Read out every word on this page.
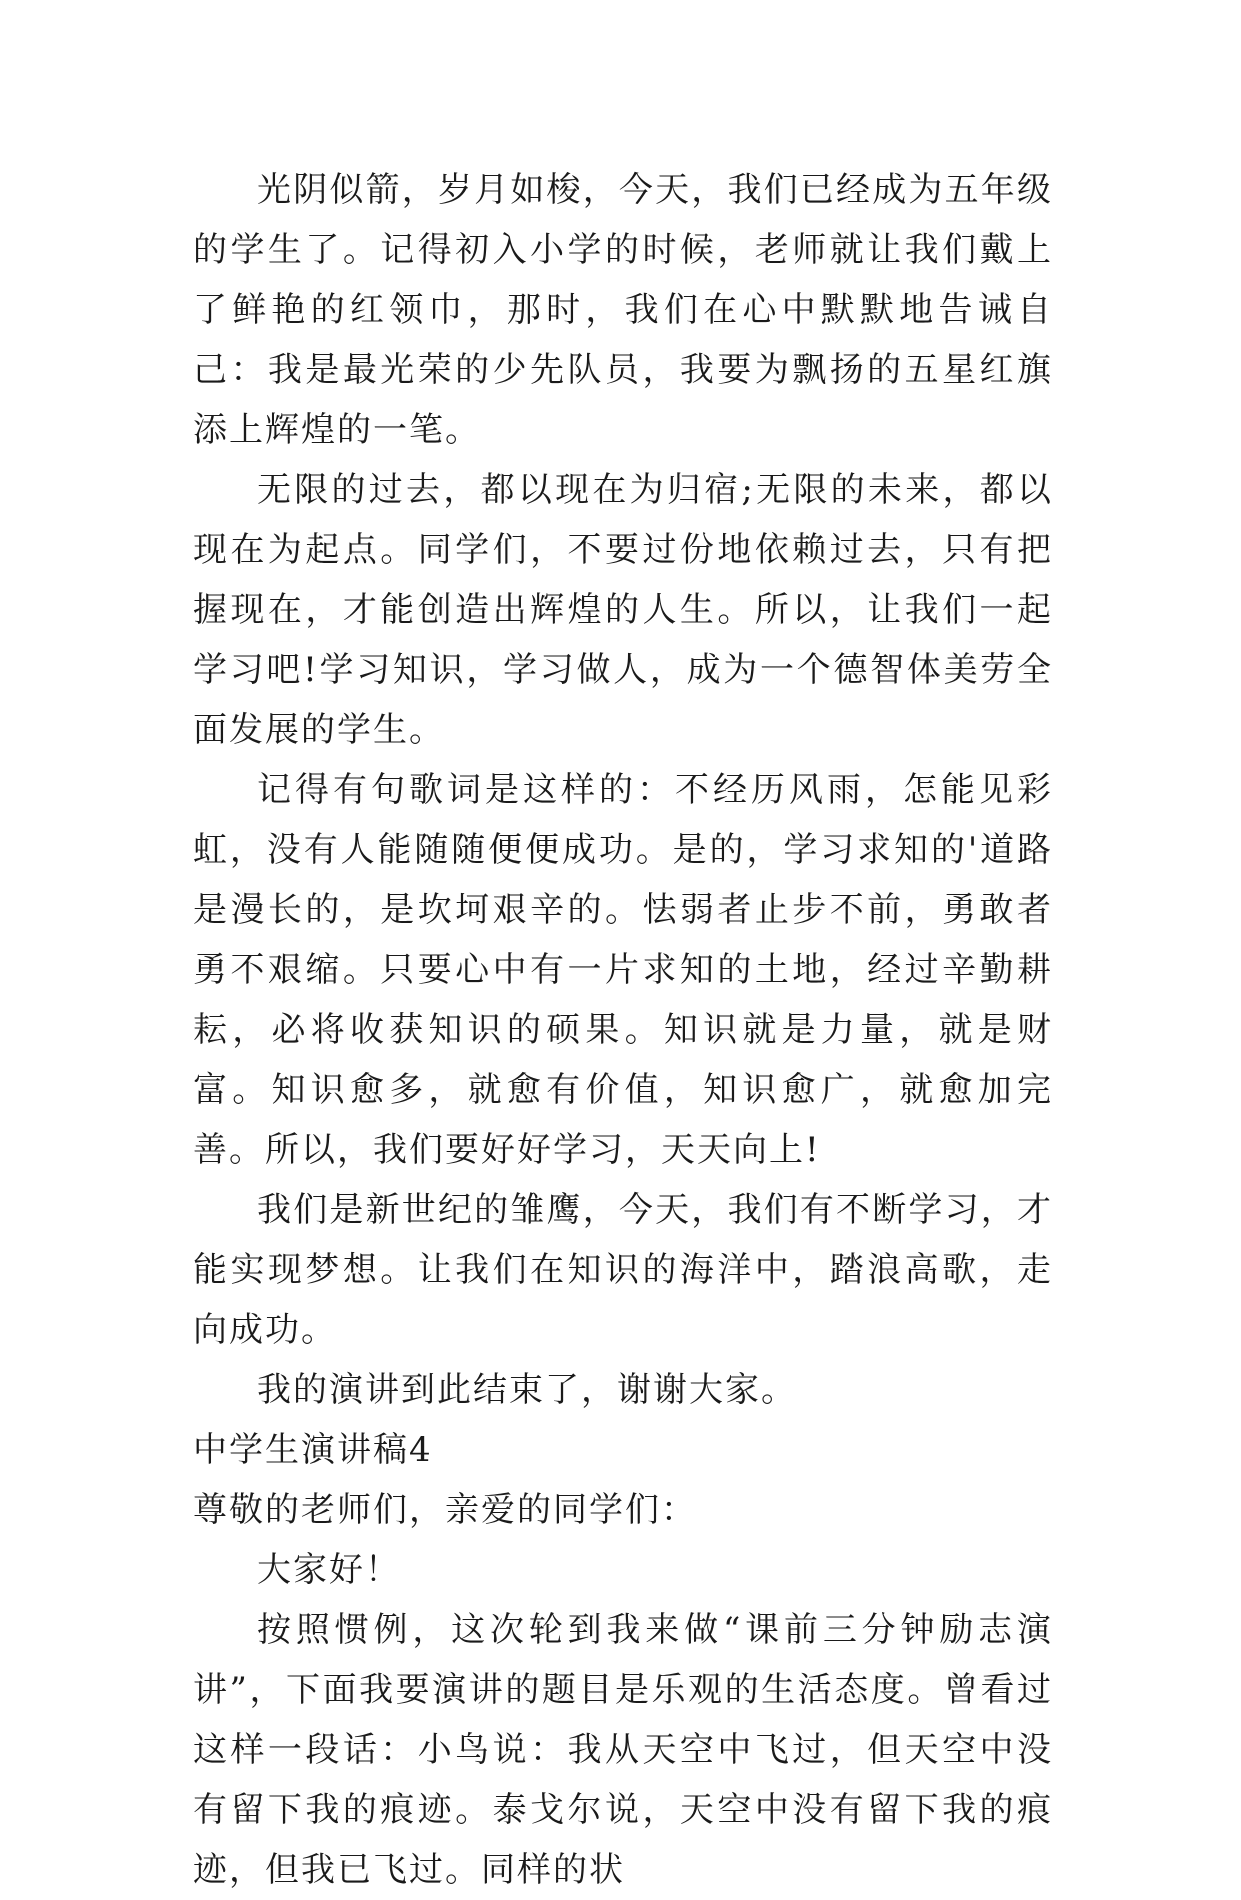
光阴似箭，岁月如梭，今天，我们已经成为五年级的学生了。记得初入小学的时候，老师就让我们戴上了鲜艳的红领巾，那时，我们在心中默默地告诫自己：我是最光荣的少先队员，我要为飘扬的五星红旗添上辉煌的一笔。

无限的过去，都以现在为归宿;无限的未来，都以现在为起点。同学们，不要过份地依赖过去，只有把握现在，才能创造出辉煌的人生。所以，让我们一起学习吧!学习知识，学习做人，成为一个德智体美劳全面发展的学生。

记得有句歌词是这样的：不经历风雨，怎能见彩虹，没有人能随随便便成功。是的，学习求知的'道路是漫长的，是坎坷艰辛的。怯弱者止步不前，勇敢者勇不艰缩。只要心中有一片求知的土地，经过辛勤耕耘，必将收获知识的硕果。知识就是力量，就是财富。知识愈多，就愈有价值，知识愈广，就愈加完善。所以，我们要好好学习，天天向上!

我们是新世纪的雏鹰，今天，我们有不断学习，才能实现梦想。让我们在知识的海洋中，踏浪高歌，走向成功。

我的演讲到此结束了，谢谢大家。

中学生演讲稿4

尊敬的老师们，亲爱的同学们：

大家好！

按照惯例，这次轮到我来做“课前三分钟励志演讲”，下面我要演讲的题目是乐观的生活态度。曾看过这样一段话：小鸟说：我从天空中飞过，但天空中没有留下我的痕迹。泰戈尔说，天空中没有留下我的痕迹，但我已飞过。同样的状
